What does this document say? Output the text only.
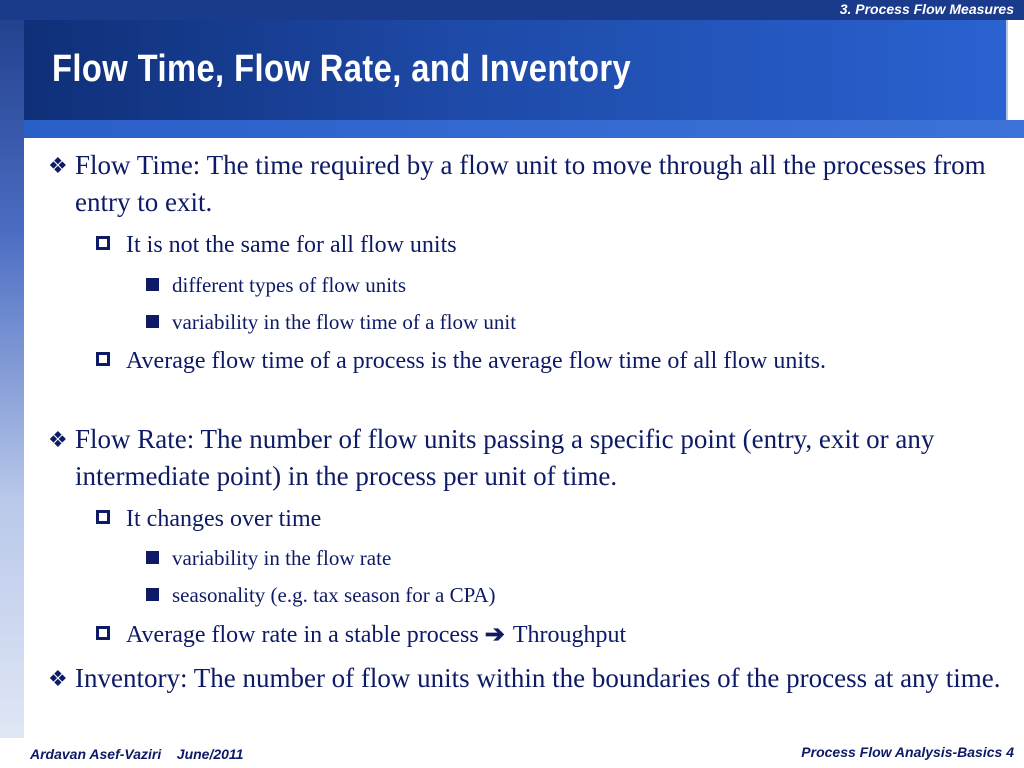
3. Process Flow Measures
Flow Time, Flow Rate, and Inventory
4
❖ Flow Time: The time required by a flow unit to move through all the processes from entry to exit.
It is not the same for all flow units
different types of flow units
variability in the flow time of a flow unit
Average flow time of a process is the average flow time of all flow units.
❖ Flow Rate: The number of flow units passing a specific point (entry, exit or any intermediate point) in the process per unit of time.
It changes over time
variability in the flow rate
seasonality (e.g. tax season for a CPA)
Average flow rate in a stable process ➔ Throughput
❖ Inventory: The number of flow units within the boundaries of the process at any time.
Ardavan Asef-Vaziri June/2011	Process Flow Analysis-Basics 4
